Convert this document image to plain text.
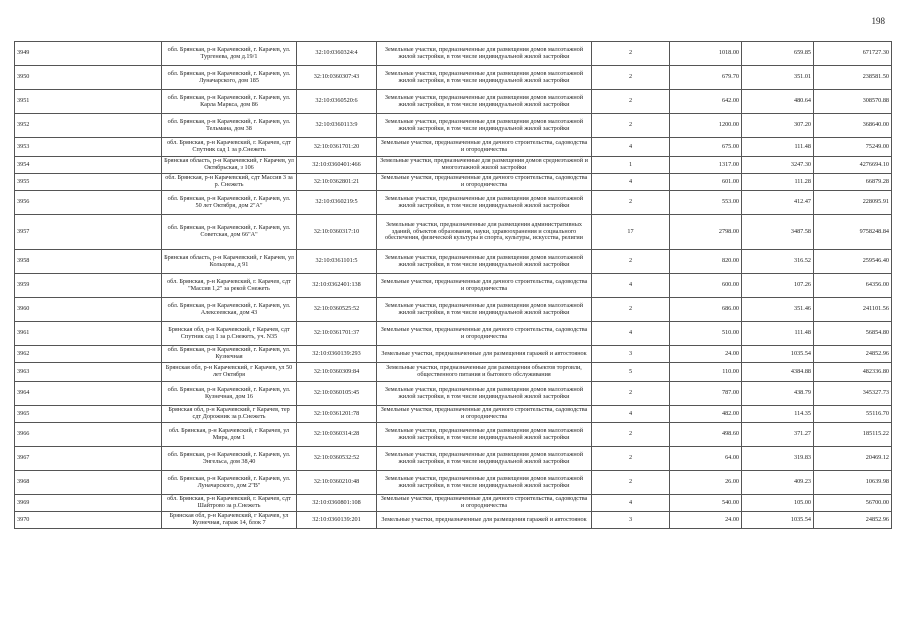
198
3949	обл. Брянская, р-н Карачевский, г. Карачев, ул. Тургенева, дом д.19/1	32:10:0360324:4	Земельные участки, предназначенные для размещения домов малоэтажной жилой застройки, в том числе индивидуальной жилой застройки	2	1018.00	659.85	671727.30
3950	обл. Брянская, р-н Карачевский, г. Карачев, ул. Луначарского, дом 185	32:10:0360307:43	Земельные участки, предназначенные для размещения домов малоэтажной жилой застройки, в том числе индивидуальной жилой застройки	2	679.70	351.01	238581.50
3951	обл. Брянская, р-н Карачевский, г. Карачев, ул. Карла Маркса, дом 86	32:10:0360520:6	Земельные участки, предназначенные для размещения домов малоэтажной жилой застройки, в том числе индивидуальной жилой застройки	2	642.00	480.64	308570.88
3952	обл. Брянская, р-н Карачевский, г. Карачев, ул. Тельмана, дом 38	32:10:0360113:9	Земельные участки, предназначенные для размещения домов малоэтажной жилой застройки, в том числе индивидуальной жилой застройки	2	1200.00	307.20	368640.00
3953	обл. Брянская, р-н Карачевский, г. Карачев, сдт Спутник сад 1 за р.Снежеть	32:10:0361701:20	Земельные участки, предназначенные для дачного строительства, садоводства и огородничества	4	675.00	111.48	75249.00
3954	Брянская область, р-н Карачевский, г Карачев, ул Октябрьская, з 106	32:10:0360401:466	Земельные участки, предназначенные для размещения домов среднеэтажной и многоэтажной жилой застройки	1	1317.00	3247.30	4276694.10
3955	обл. Брянская, р-н Карачевский, сдт Массив 3 за р. Снежеть	32:10:0362801:21	Земельные участки, предназначенные для дачного строительства, садоводства и огородничества	4	601.00	111.28	66879.28
3956	обл. Брянская, р-н Карачевский, г. Карачев, ул. 50 лет Октября, дом 2"А"	32:10:0360219:5	Земельные участки, предназначенные для размещения домов малоэтажной жилой застройки, в том числе индивидуальной жилой застройки	2	553.00	412.47	228095.91
3957	обл. Брянская, р-н Карачевский, г. Карачев, ул. Советская, дом 66"А"	32:10:0360317:10	Земельные участки, предназначенные для размещения административных зданий, объектов образования, науки, здравоохранения и социального обеспечения, физической культуры и спорта, культуры, искусства, религии	17	2798.00	3487.58	9758248.84
3958	Брянская область, р-н Карачевский, г Карачев, ул Кольцова, д 91	32:10:0361101:5	Земельные участки, предназначенные для размещения домов малоэтажной жилой застройки, в том числе индивидуальной жилой застройки	2	820.00	316.52	259546.40
3959	обл. Брянская, р-н Карачевский, г. Карачев, сдт "Массив 1,2" за рекой Снежеть	32:10:0362401:138	Земельные участки, предназначенные для дачного строительства, садоводства и огородничества	4	600.00	107.26	64356.00
3960	обл. Брянская, р-н Карачевский, г. Карачев, ул. Алексеевская, дом 43	32:10:0360525:52	Земельные участки, предназначенные для размещения домов малоэтажной жилой застройки, в том числе индивидуальной жилой застройки	2	686.00	351.46	241101.56
3961	Брянская обл, р-н Карачевский, г Карачев, сдт Спутник сад 1 за р.Снежеть, уч. N35	32:10:0361701:37	Земельные участки, предназначенные для дачного строительства, садоводства и огородничества	4	510.00	111.48	56854.80
3962	обл. Брянская, р-н Карачевский, г. Карачев, ул. Кузнечная	32:10:0360139:293	Земельные участки, предназначенные для размещения гаражей и автостоянок	3	24.00	1035.54	24852.96
3963	Брянская обл, р-н Карачевский, г Карачев, ул 50 лет Октября	32:10:0360309:84	Земельные участки, предназначенные для размещения объектов торговли, общественного питания и бытового обслуживания	5	110.00	4384.88	482336.80
3964	обл. Брянская, р-н Карачевский, г. Карачев, ул. Кузнечная, дом 16	32:10:0360105:45	Земельные участки, предназначенные для размещения домов малоэтажной жилой застройки, в том числе индивидуальной жилой застройки	2	787.00	438.79	345327.73
3965	Брянская обл, р-н Карачевский, г Карачев, тер сдт Дорожник за р.Снежеть	32:10:0361201:78	Земельные участки, предназначенные для дачного строительства, садоводства и огородничества	4	482.00	114.35	55116.70
3966	обл. Брянская, р-н Карачевский, г Карачев, ул Мира, дом 1	32:10:0360314:28	Земельные участки, предназначенные для размещения домов малоэтажной жилой застройки, в том числе индивидуальной жилой застройки	2	498.60	371.27	185115.22
3967	обл. Брянская, р-н Карачевский, г. Карачев, ул. Энгельса, дом 38,40	32:10:0360532:52	Земельные участки, предназначенные для размещения домов малоэтажной жилой застройки, в том числе индивидуальной жилой застройки	2	64.00	319.83	20469.12
3968	обл. Брянская, р-н Карачевский, г. Карачев, ул. Луначарского, дом 2"В"	32:10:0360210:48	Земельные участки, предназначенные для размещения домов малоэтажной жилой застройки, в том числе индивидуальной жилой застройки	2	26.00	409.23	10639.98
3969	обл. Брянская, р-н Карачевский, г. Карачев, сдт Шайтрово за р.Снежеть	32:10:0360801:108	Земельные участки, предназначенные для дачного строительства, садоводства и огородничества	4	540.00	105.00	56700.00
3970	Брянская обл, р-н Карачевский, г Карачев, ул Кузнечная, гараж 14, блок 7	32:10:0360139:201	Земельные участки, предназначенные для размещения гаражей и автостоянок	3	24.00	1035.54	24852.96
